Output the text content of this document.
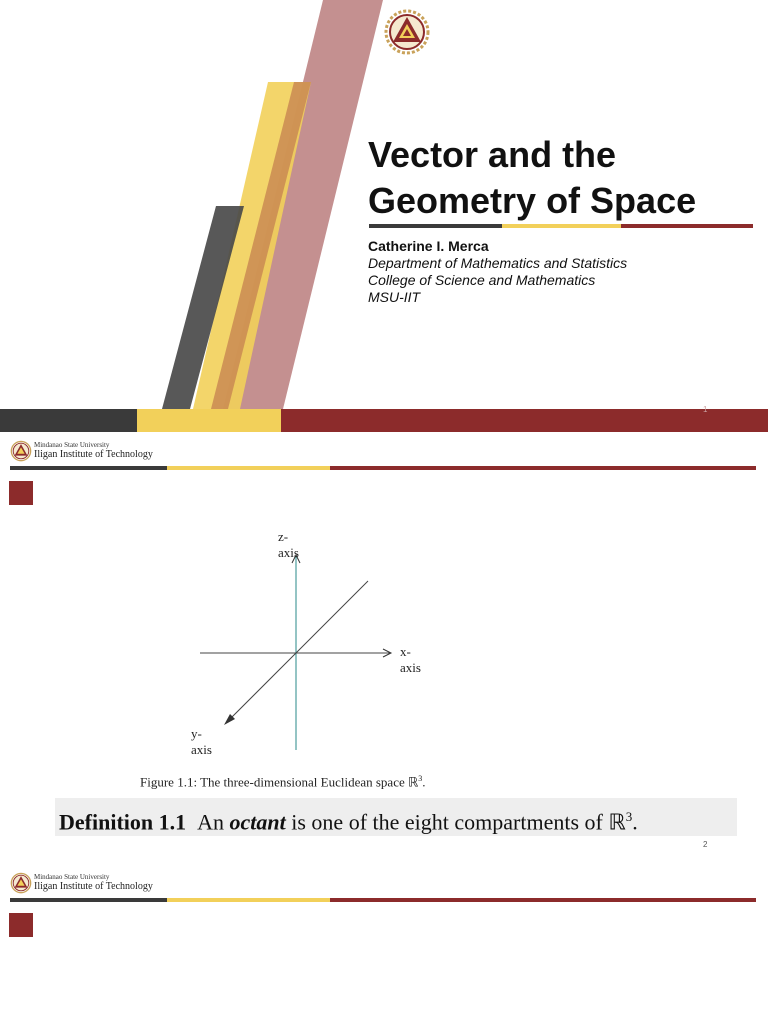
Vector and the
Geometry of Space
Catherine I. Merca
Department of Mathematics and Statistics
College of Science and Mathematics
MSU-IIT
1
Mindanao State University
Iligan Institute of Technology
z-axis
x-axis
y-axis
Figure 1.1: The three-dimensional Euclidean space ℝ$^3$.
Definition 1.1 An octant is one of the eight compartments of ℝ$^3$.
2
Mindanao State University
Iligan Institute of Technology
